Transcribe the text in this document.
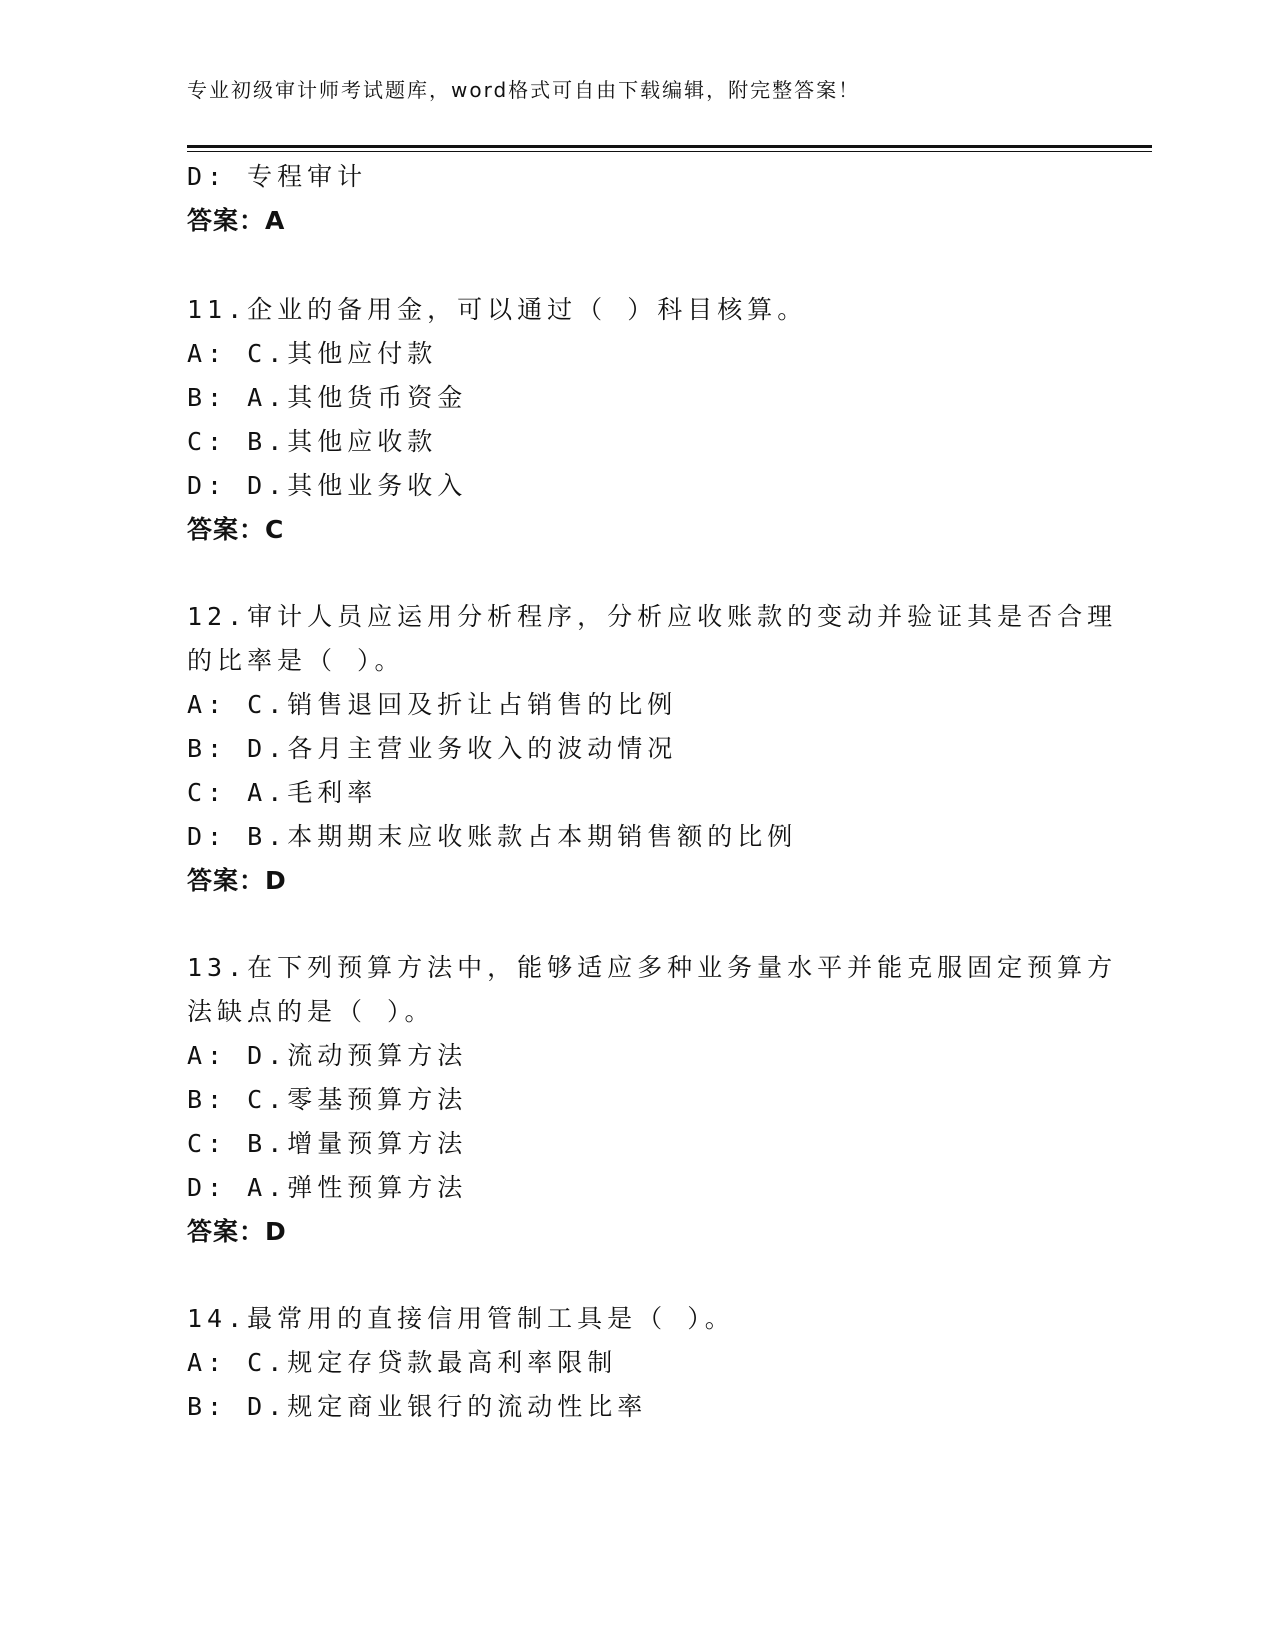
专业初级审计师考试题库，word格式可自由下载编辑，附完整答案！
D: 专程审计
答案：A
11.企业的备用金，可以通过（ ）科目核算。
A: C.其他应付款
B: A.其他货币资金
C: B.其他应收款
D: D.其他业务收入
答案：C
12.审计人员应运用分析程序，分析应收账款的变动并验证其是否合理
的比率是（ ）。
A: C.销售退回及折让占销售的比例
B: D.各月主营业务收入的波动情况
C: A.毛利率
D: B.本期期末应收账款占本期销售额的比例
答案：D
13.在下列预算方法中，能够适应多种业务量水平并能克服固定预算方
法缺点的是（ ）。
A: D.流动预算方法
B: C.零基预算方法
C: B.增量预算方法
D: A.弹性预算方法
答案：D
14.最常用的直接信用管制工具是（ ）。
A: C.规定存贷款最高利率限制
B: D.规定商业银行的流动性比率
